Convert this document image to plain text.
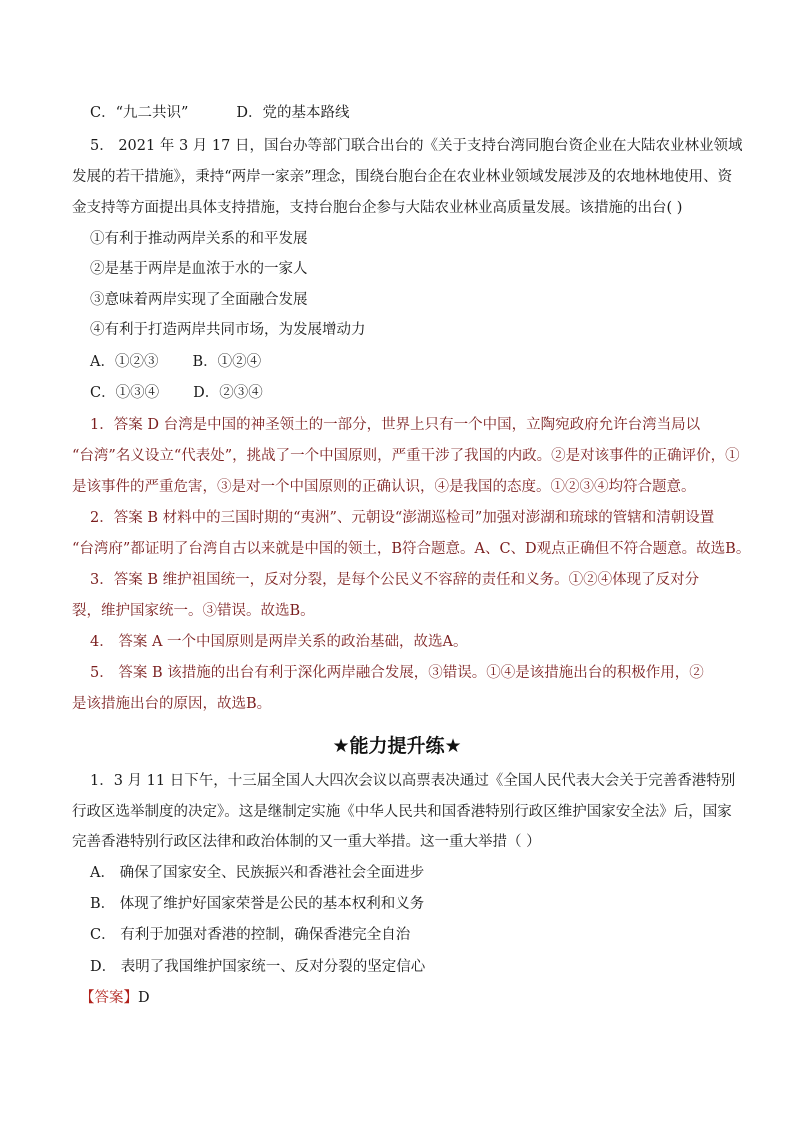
C．“九二共识”	D．党的基本路线
5． 2021 年 3 月 17 日，国台办等部门联合出台的《关于支持台湾同胞台资企业在大陆农业林业领域
发展的若干措施》，秉持“两岸一家亲”理念，围绕台胞台企在农业林业领域发展涉及的农地林地使用、资
金支持等方面提出具体支持措施，支持台胞台企参与大陆农业林业高质量发展。该措施的出台( )
①有利于推动两岸关系的和平发展
②是基于两岸是血浓于水的一家人
③意味着两岸实现了全面融合发展
④有利于打造两岸共同市场，为发展增动力
A．①②③ B．①②④
C．①③④ D．②③④
1．答案 D 台湾是中国的神圣领土的一部分，世界上只有一个中国，立陶宛政府允许台湾当局以
“台湾”名义设立“代表处”，挑战了一个中国原则，严重干涉了我国的内政。②是对该事件的正确评价，①
是该事件的严重危害，③是对一个中国原则的正确认识，④是我国的态度。①②③④均符合题意。
2．答案 B 材料中的三国时期的“夷洲”、元朝设“澎湖巡检司”加强对澎湖和琉球的管辖和清朝设置
“台湾府”都证明了台湾自古以来就是中国的领土，B符合题意。A、C、D观点正确但不符合题意。故选B。
3．答案 B 维护祖国统一，反对分裂，是每个公民义不容辞的责任和义务。①②④体现了反对分
裂，维护国家统一。③错误。故选B。
4． 答案 A 一个中国原则是两岸关系的政治基础，故选A。
5． 答案 B 该措施的出台有利于深化两岸融合发展，③错误。①④是该措施出台的积极作用，②
是该措施出台的原因，故选B。
★能力提升练★
1．3 月 11 日下午，十三届全国人大四次会议以高票表决通过《全国人民代表大会关于完善香港特别
行政区选举制度的决定》。这是继制定实施《中华人民共和国香港特别行政区维护国家安全法》后，国家
完善香港特别行政区法律和政治体制的又一重大举措。这一重大举措（ ）
A． 确保了国家安全、民族振兴和香港社会全面进步
B． 体现了维护好国家荣誉是公民的基本权利和义务
C． 有利于加强对香港的控制，确保香港完全自治
D． 表明了我国维护国家统一、反对分裂的坚定信心
【答案】D
